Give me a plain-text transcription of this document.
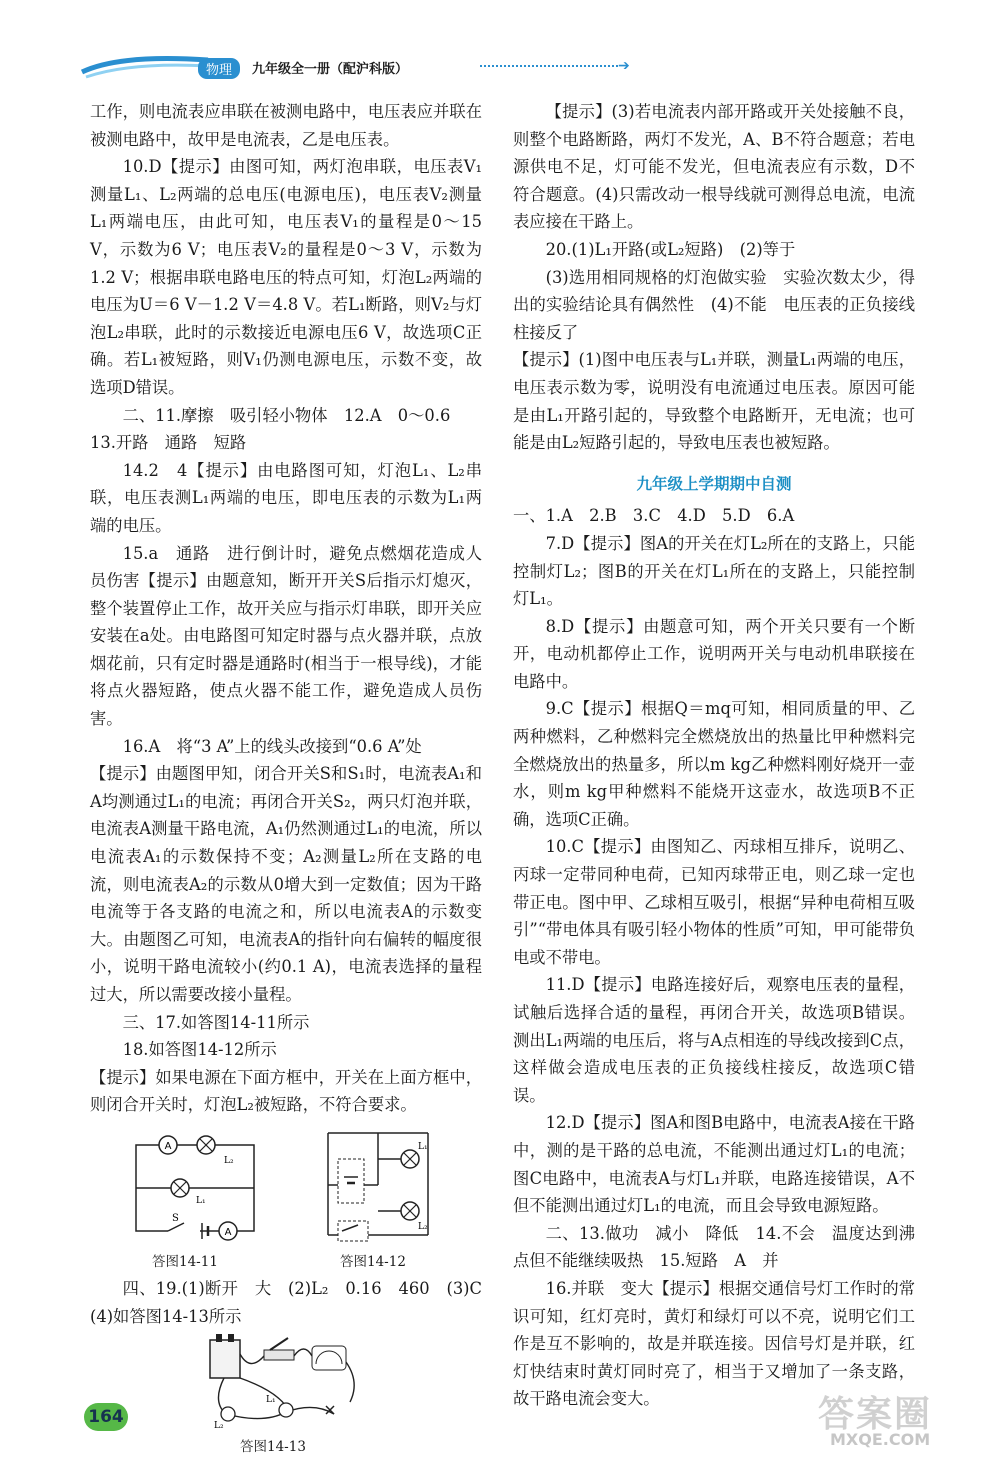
物理	九年级全一册（配沪科版）	➔

工作，则电流表应串联在被测电路中，电压表应并联在被测电路中，故甲是电流表，乙是电压表。

10.D【提示】由图可知，两灯泡串联，电压表V₁测量L₁、L₂两端的总电压(电源电压)，电压表V₂测量L₁两端电压，由此可知，电压表V₁的量程是0～15 V，示数为6 V；电压表V₂的量程是0～3 V，示数为1.2 V；根据串联电路电压的特点可知，灯泡L₂两端的电压为U＝6 V－1.2 V＝4.8 V。若L₁断路，则V₂与灯泡L₂串联，此时的示数接近电源电压6 V，故选项C正确。若L₁被短路，则V₁仍测电源电压，示数不变，故选项D错误。

二、11.摩擦　吸引轻小物体　12.A　0～0.6

13.开路　通路　短路

14.2　4【提示】由电路图可知，灯泡L₁、L₂串联，电压表测L₁两端的电压，即电压表的示数为L₁两端的电压。

15.a　通路　进行倒计时，避免点燃烟花造成人员伤害【提示】由题意知，断开开关S后指示灯熄灭，整个装置停止工作，故开关应与指示灯串联，即开关应安装在a处。由电路图可知定时器与点火器并联，点放烟花前，只有定时器是通路时(相当于一根导线)，才能将点火器短路，使点火器不能工作，避免造成人员伤害。

16.A　将“3 A”上的线头改接到“0.6 A”处

【提示】由题图甲知，闭合开关S和S₁时，电流表A₁和A均测通过L₁的电流；再闭合开关S₂，两只灯泡并联，电流表A测量干路电流，A₁仍然测通过L₁的电流，所以电流表A₁的示数保持不变；A₂测量L₂所在支路的电流，则电流表A₂的示数从0增大到一定数值；因为干路电流等于各支路的电流之和，所以电流表A的示数变大。由题图乙可知，电流表A的指针向右偏转的幅度很小，说明干路电流较小(约0.1 A)，电流表选择的量程过大，所以需要改接小量程。

三、17.如答图14-11所示

18.如答图14-12所示

【提示】如果电源在下面方框中，开关在上面方框中，则闭合开关时，灯泡L₂被短路，不符合要求。

A
A
S
L₂
L₁
答图14-11
L₁
L₂
答图14-12

四、19.(1)断开　大　(2)L₂　0.16　460　(3)C　(4)如答图14-13所示

L₁
L₂
答图14-13

【提示】(3)若电流表内部开路或开关处接触不良，则整个电路断路，两灯不发光，A、B不符合题意；若电源供电不足，灯可能不发光，但电流表应有示数，D不符合题意。(4)只需改动一根导线就可测得总电流，电流表应接在干路上。

20.(1)L₁开路(或L₂短路)　(2)等于

(3)选用相同规格的灯泡做实验　实验次数太少，得出的实验结论具有偶然性　(4)不能　电压表的正负接线柱接反了

【提示】(1)图中电压表与L₁并联，测量L₁两端的电压，电压表示数为零，说明没有电流通过电压表。原因可能是由L₁开路引起的，导致整个电路断开，无电流；也可能是由L₂短路引起的，导致电压表也被短路。

九年级上学期期中自测

一、1.A　2.B　3.C　4.D　5.D　6.A

7.D【提示】图A的开关在灯L₂所在的支路上，只能控制灯L₂；图B的开关在灯L₁所在的支路上，只能控制灯L₁。

8.D【提示】由题意可知，两个开关只要有一个断开，电动机都停止工作，说明两开关与电动机串联接在电路中。

9.C【提示】根据Q＝mq可知，相同质量的甲、乙两种燃料，乙种燃料完全燃烧放出的热量比甲种燃料完全燃烧放出的热量多，所以m kg乙种燃料刚好烧开一壶水，则m kg甲种燃料不能烧开这壶水，故选项B不正确，选项C正确。

10.C【提示】由图知乙、丙球相互排斥，说明乙、丙球一定带同种电荷，已知丙球带正电，则乙球一定也带正电。图中甲、乙球相互吸引，根据“异种电荷相互吸引”“带电体具有吸引轻小物体的性质”可知，甲可能带负电或不带电。

11.D【提示】电路连接好后，观察电压表的量程，试触后选择合适的量程，再闭合开关，故选项B错误。测出L₁两端的电压后，将与A点相连的导线改接到C点，这样做会造成电压表的正负接线柱接反，故选项C错误。

12.D【提示】图A和图B电路中，电流表A接在干路中，测的是干路的总电流，不能测出通过灯L₁的电流；图C电路中，电流表A与灯L₁并联，电路连接错误，A不但不能测出通过灯L₁的电流，而且会导致电源短路。

二、13.做功　减小　降低　14.不会　温度达到沸点但不能继续吸热　15.短路　A　并

16.并联　变大【提示】根据交通信号灯工作时的常识可知，红灯亮时，黄灯和绿灯可以不亮，说明它们工作是互不影响的，故是并联连接。因信号灯是并联，红灯快结束时黄灯同时亮了，相当于又增加了一条支路，故干路电流会变大。

164	答案圈
MXQE.COM
